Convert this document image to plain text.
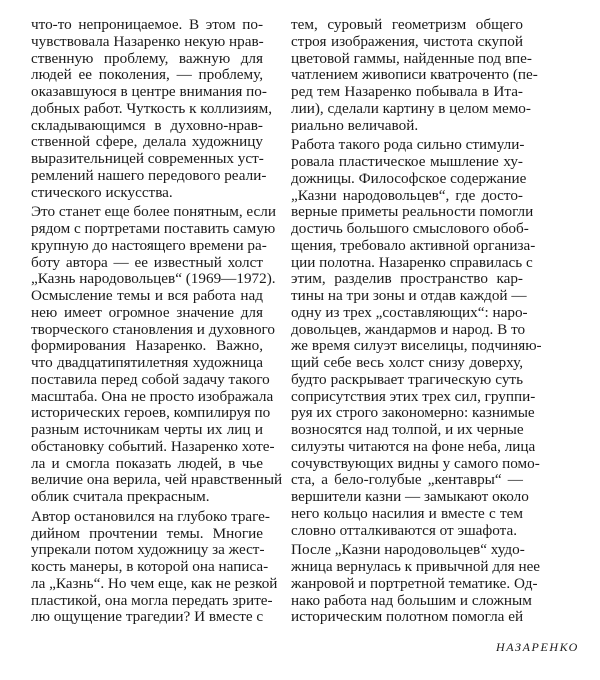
что-то непроницаемое. В этом по-
чувствовала Назаренко некую нрав-
ственную проблему, важную для
людей ее поколения, — проблему,
оказавшуюся в центре внимания по-
добных работ. Чуткость к коллизиям,
складывающимся в духовно-нрав-
ственной сфере, делала художницу
выразительницей современных уст-
ремлений нашего передового реали-
стического искусства.
Это станет еще более понятным, если
рядом с портретами поставить самую
крупную до настоящего времени ра-
боту автора — ее известный холст
„Казнь народовольцев“ (1969—1972).
Осмысление темы и вся работа над
нею имеет огромное значение для
творческого становления и духовного
формирования Назаренко. Важно,
что двадцатипятилетняя художница
поставила перед собой задачу такого
масштаба. Она не просто изображала
исторических героев, компилируя по
разным источникам черты их лиц и
обстановку событий. Назаренко хоте-
ла и смогла показать людей, в чье
величие она верила, чей нравственный
облик считала прекрасным.
Автор остановился на глубоко траге-
дийном прочтении темы. Многие
упрекали потом художницу за жест-
кость манеры, в которой она написа-
ла „Казнь“. Но чем еще, как не резкой
пластикой, она могла передать зрите-
лю ощущение трагедии? И вместе с
тем, суровый геометризм общего
строя изображения, чистота скупой
цветовой гаммы, найденные под впе-
чатлением живописи кватроченто (пе-
ред тем Назаренко побывала в Ита-
лии), сделали картину в целом мемо-
риально величавой.
Работа такого рода сильно стимули-
ровала пластическое мышление ху-
дожницы. Философское содержание
„Казни народовольцев“, где досто-
верные приметы реальности помогли
достичь большого смыслового обоб-
щения, требовало активной организа-
ции полотна. Назаренко справилась с
этим, разделив пространство кар-
тины на три зоны и отдав каждой —
одну из трех „составляющих“: наро-
довольцев, жандармов и народ. В то
же время силуэт виселицы, подчиняю-
щий себе весь холст снизу доверху,
будто раскрывает трагическую суть
соприсутствия этих трех сил, группи-
руя их строго закономерно: казнимые
возносятся над толпой, и их черные
силуэты читаются на фоне неба, лица
сочувствующих видны у самого помо-
ста, а бело-голубые „кентавры“ —
вершители казни — замыкают около
него кольцо насилия и вместе с тем
словно отталкиваются от эшафота.
После „Казни народовольцев“ худо-
жница вернулась к привычной для нее
жанровой и портретной тематике. Од-
нако работа над большим и сложным
историческим полотном помогла ей
НАЗАРЕНКО
